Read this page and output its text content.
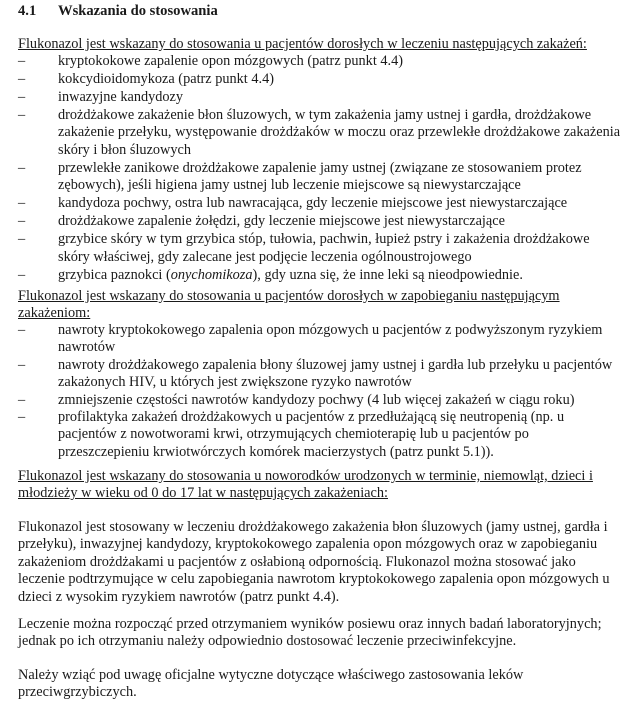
4.1 Wskazania do stosowania
Flukonazol jest wskazany do stosowania u pacjentów dorosłych w leczeniu następujących zakażeń:
– kryptokokowe zapalenie opon mózgowych (patrz punkt 4.4)
– kokcydioidomykoza (patrz punkt 4.4)
– inwazyjne kandydozy
– drożdżakowe zakażenie błon śluzowych, w tym zakażenia jamy ustnej i gardła, drożdżakowe zakażenie przełyku, występowanie drożdżaków w moczu oraz przewlekłe drożdżakowe zakażenia skóry i błon śluzowych
– przewlekłe zanikowe drożdżakowe zapalenie jamy ustnej (związane ze stosowaniem protez zębowych), jeśli higiena jamy ustnej lub leczenie miejscowe są niewystarczające
– kandydoza pochwy, ostra lub nawracająca, gdy leczenie miejscowe jest niewystarczające
– drożdżakowe zapalenie żołędzi, gdy leczenie miejscowe jest niewystarczające
– grzybice skóry w tym grzybica stóp, tułowia, pachwin, łupież pstry i zakażenia drożdżakowe skóry właściwej, gdy zalecane jest podjęcie leczenia ogólnoustrojowego
– grzybica paznokci (onychomikoza), gdy uzna się, że inne leki są nieodpowiednie.
Flukonazol jest wskazany do stosowania u pacjentów dorosłych w zapobieganiu następującym zakażeniom:
– nawroty kryptokokowego zapalenia opon mózgowych u pacjentów z podwyższonym ryzykiem nawrotów
– nawroty drożdżakowego zapalenia błony śluzowej jamy ustnej i gardła lub przełyku u pacjentów zakażonych HIV, u których jest zwiększone ryzyko nawrotów
– zmniejszenie częstości nawrotów kandydozy pochwy (4 lub więcej zakażeń w ciągu roku)
– profilaktyka zakażeń drożdżakowych u pacjentów z przedłużającą się neutropenią (np. u pacjentów z nowotworami krwi, otrzymujących chemioterapię lub u pacjentów po przeszczepieniu krwiotwórczych komórek macierzystych (patrz punkt 5.1)).
Flukonazol jest wskazany do stosowania u noworodków urodzonych w terminie, niemowląt, dzieci i młodzieży w wieku od 0 do 17 lat w następujących zakażeniach:
Flukonazol jest stosowany w leczeniu drożdżakowego zakażenia błon śluzowych (jamy ustnej, gardła i przełyku), inwazyjnej kandydozy, kryptokokowego zapalenia opon mózgowych oraz w zapobieganiu zakażeniom drożdżakami u pacjentów z osłabioną odpornością. Flukonazol można stosować jako leczenie podtrzymujące w celu zapobiegania nawrotom kryptokokowego zapalenia opon mózgowych u dzieci z wysokim ryzykiem nawrotów (patrz punkt 4.4).
Leczenie można rozpocząć przed otrzymaniem wyników posiewu oraz innych badań laboratoryjnych; jednak po ich otrzymaniu należy odpowiednio dostosować leczenie przeciwinfekcyjne.
Należy wziąć pod uwagę oficjalne wytyczne dotyczące właściwego zastosowania leków przeciwgrzybiczych.
